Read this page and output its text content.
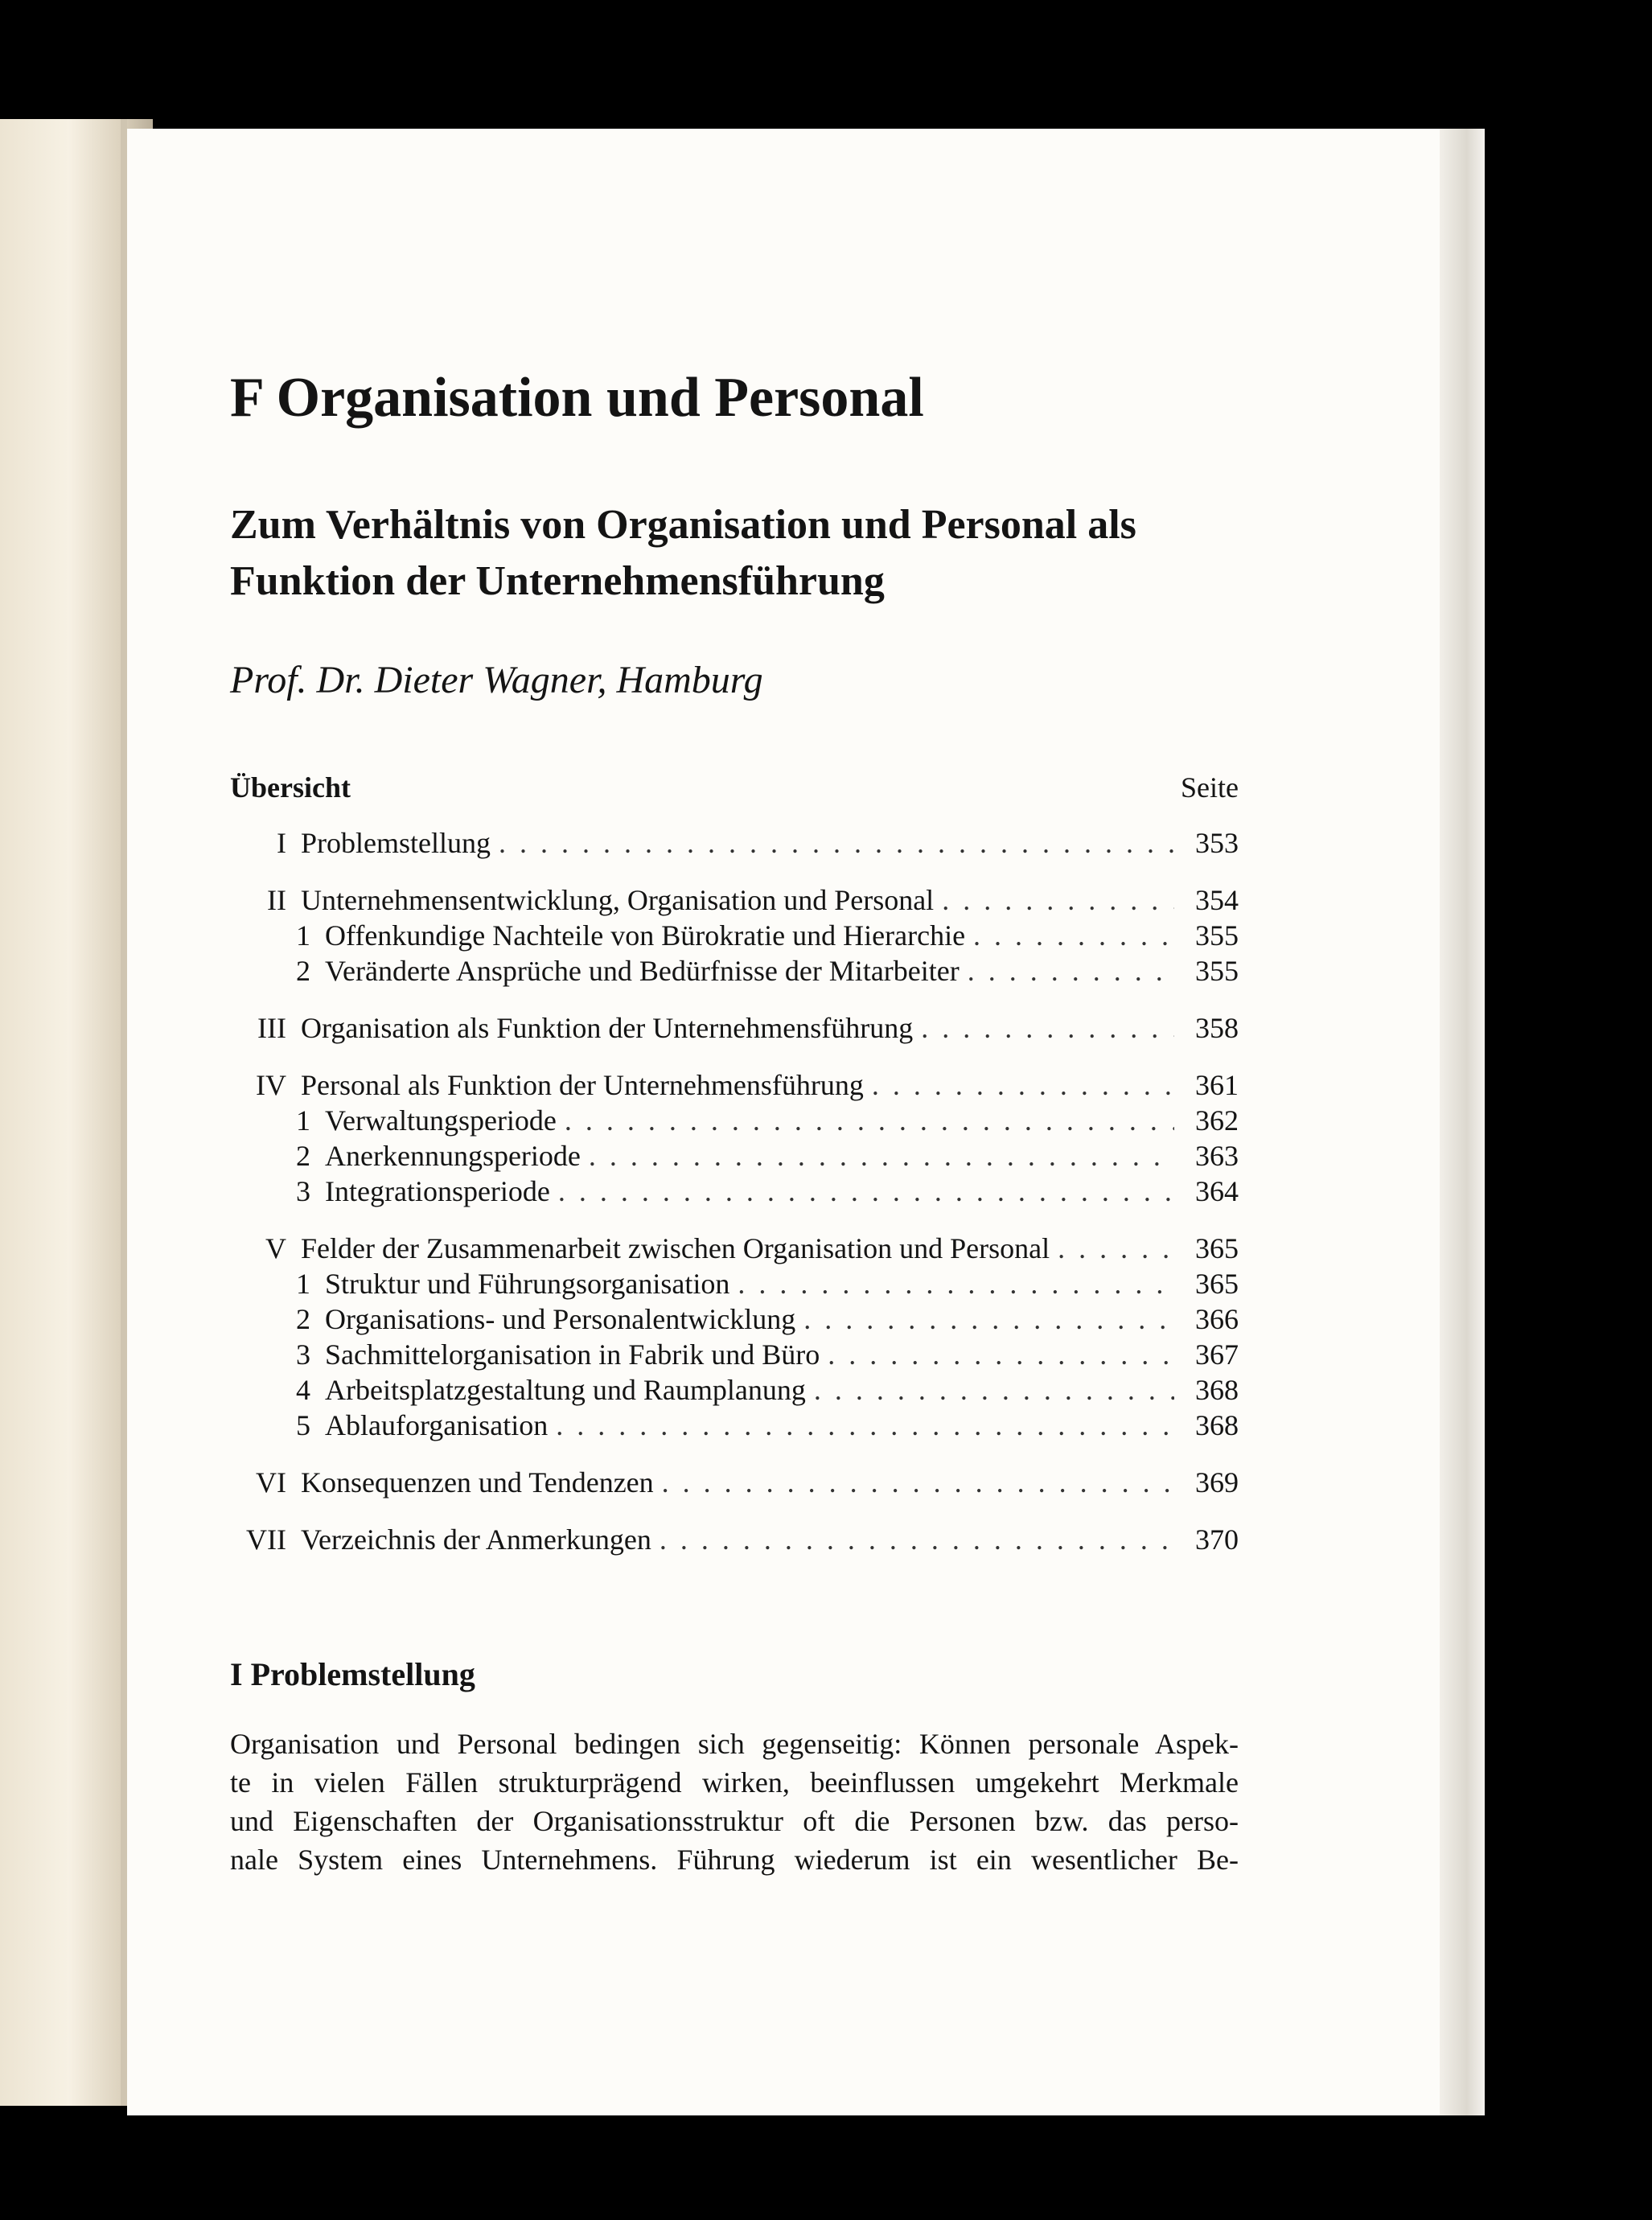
F Organisation und Personal
Zum Verhältnis von Organisation und Personal als
Funktion der Unternehmensführung
Prof. Dr. Dieter Wagner, Hamburg
Übersicht	Seite
I Problemstellung . . .	353
II Unternehmensentwicklung, Organisation und Personal . . .	354
1 Offenkundige Nachteile von Bürokratie und Hierarchie . . .	355
2 Veränderte Ansprüche und Bedürfnisse der Mitarbeiter . . .	355
III Organisation als Funktion der Unternehmensführung . . .	358
IV Personal als Funktion der Unternehmensführung . . .	361
1 Verwaltungsperiode . . .	362
2 Anerkennungsperiode . . .	363
3 Integrationsperiode . . .	364
V Felder der Zusammenarbeit zwischen Organisation und Personal . . .	365
1 Struktur und Führungsorganisation . . .	365
2 Organisations- und Personalentwicklung . . .	366
3 Sachmittelorganisation in Fabrik und Büro . . .	367
4 Arbeitsplatzgestaltung und Raumplanung . . .	368
5 Ablauforganisation . . .	368
VI Konsequenzen und Tendenzen . . .	369
VII Verzeichnis der Anmerkungen . . .	370
I Problemstellung
Organisation und Personal bedingen sich gegenseitig: Können personale Aspek-
te in vielen Fällen strukturprägend wirken, beeinflussen umgekehrt Merkmale
und Eigenschaften der Organisationsstruktur oft die Personen bzw. das perso-
nale System eines Unternehmens. Führung wiederum ist ein wesentlicher Be-
